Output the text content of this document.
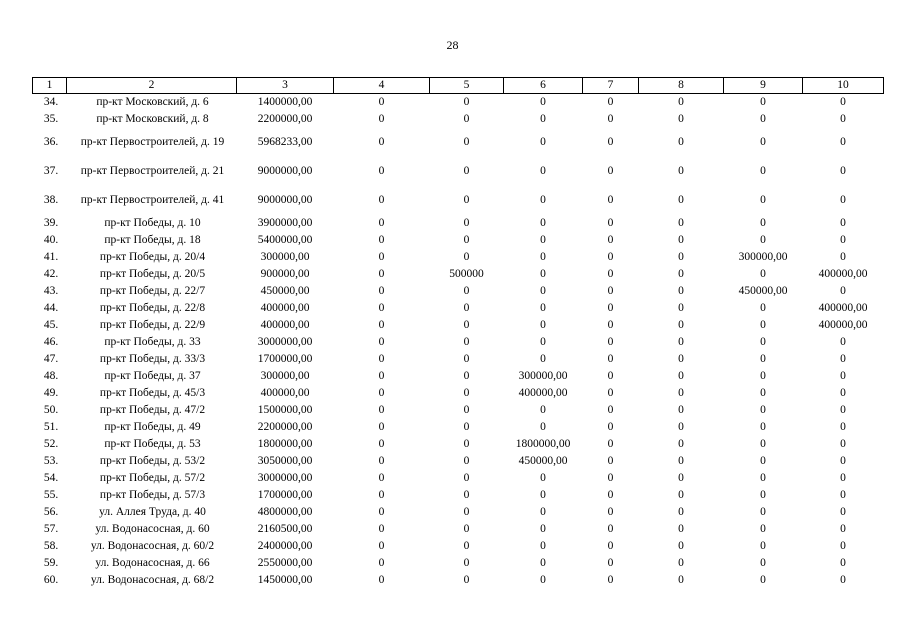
28
1	2	3	4	5	6	7	8	9	10
34.	пр-кт Московский, д. 6	1400000,00	0	0	0	0	0	0	0
35.	пр-кт Московский, д. 8	2200000,00	0	0	0	0	0	0	0
36.	пр-кт Первостроителей, д. 19	5968233,00	0	0	0	0	0	0	0
37.	пр-кт Первостроителей, д. 21	9000000,00	0	0	0	0	0	0	0
38.	пр-кт Первостроителей, д. 41	9000000,00	0	0	0	0	0	0	0
39.	пр-кт Победы, д. 10	3900000,00	0	0	0	0	0	0	0
40.	пр-кт Победы, д. 18	5400000,00	0	0	0	0	0	0	0
41.	пр-кт Победы, д. 20/4	300000,00	0	0	0	0	0	300000,00	0
42.	пр-кт Победы, д. 20/5	900000,00	0	500000	0	0	0	0	400000,00
43.	пр-кт Победы, д. 22/7	450000,00	0	0	0	0	0	450000,00	0
44.	пр-кт Победы, д. 22/8	400000,00	0	0	0	0	0	0	400000,00
45.	пр-кт Победы, д. 22/9	400000,00	0	0	0	0	0	0	400000,00
46.	пр-кт Победы, д. 33	3000000,00	0	0	0	0	0	0	0
47.	пр-кт Победы, д. 33/3	1700000,00	0	0	0	0	0	0	0
48.	пр-кт Победы, д. 37	300000,00	0	0	300000,00	0	0	0	0
49.	пр-кт Победы, д. 45/3	400000,00	0	0	400000,00	0	0	0	0
50.	пр-кт Победы, д. 47/2	1500000,00	0	0	0	0	0	0	0
51.	пр-кт Победы, д. 49	2200000,00	0	0	0	0	0	0	0
52.	пр-кт Победы, д. 53	1800000,00	0	0	1800000,00	0	0	0	0
53.	пр-кт Победы, д. 53/2	3050000,00	0	0	450000,00	0	0	0	0
54.	пр-кт Победы, д. 57/2	3000000,00	0	0	0	0	0	0	0
55.	пр-кт Победы, д. 57/3	1700000,00	0	0	0	0	0	0	0
56.	ул. Аллея Труда, д. 40	4800000,00	0	0	0	0	0	0	0
57.	ул. Водонасосная, д. 60	2160500,00	0	0	0	0	0	0	0
58.	ул. Водонасосная, д. 60/2	2400000,00	0	0	0	0	0	0	0
59.	ул. Водонасосная, д. 66	2550000,00	0	0	0	0	0	0	0
60.	ул. Водонасосная, д. 68/2	1450000,00	0	0	0	0	0	0	0
